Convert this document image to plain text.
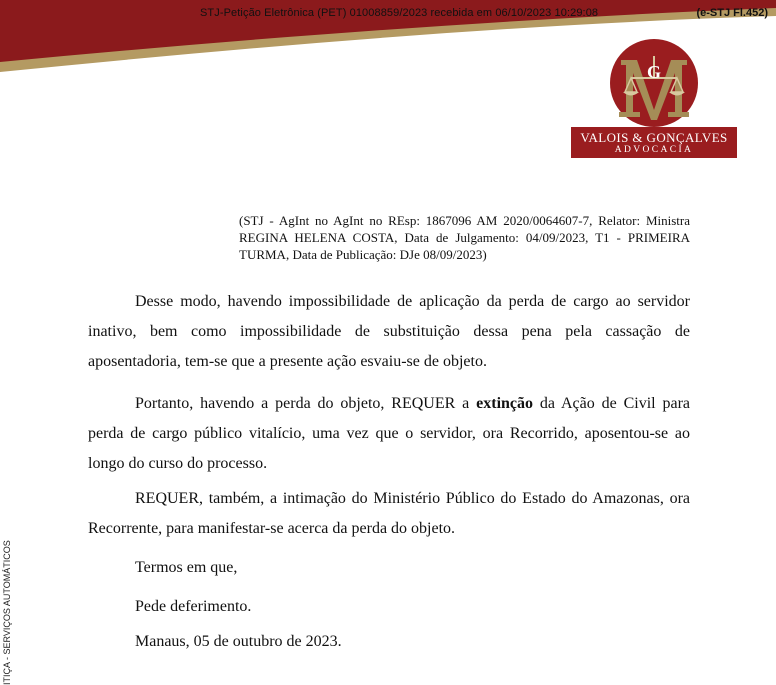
STJ-Petição Eletrônica (PET) 01008859/2023 recebida em 06/10/2023 10:29:08	(e-STJ Fl.452)
G
VALOIS & GONÇALVES
ADVOCACIA
(STJ - AgInt no AgInt no REsp: 1867096 AM 2020/0064607-7, Relator: Ministra REGINA HELENA COSTA, Data de Julgamento: 04/09/2023, T1 - PRIMEIRA TURMA, Data de Publicação: DJe 08/09/2023)

Desse modo, havendo impossibilidade de aplicação da perda de cargo ao servidor inativo, bem como impossibilidade de substituição dessa pena pela cassação de aposentadoria, tem-se que a presente ação esvaiu-se de objeto.

Portanto, havendo a perda do objeto, REQUER a extinção da Ação de Civil para perda de cargo público vitalício, uma vez que o servidor, ora Recorrido, aposentou-se ao longo do curso do processo.

REQUER, também, a intimação do Ministério Público do Estado do Amazonas, ora Recorrente, para manifestar-se acerca da perda do objeto.

Termos em que,
Pede deferimento.
Manaus, 05 de outubro de 2023.
ITIÇA - SERVIÇOS AUTOMÁTICOS
